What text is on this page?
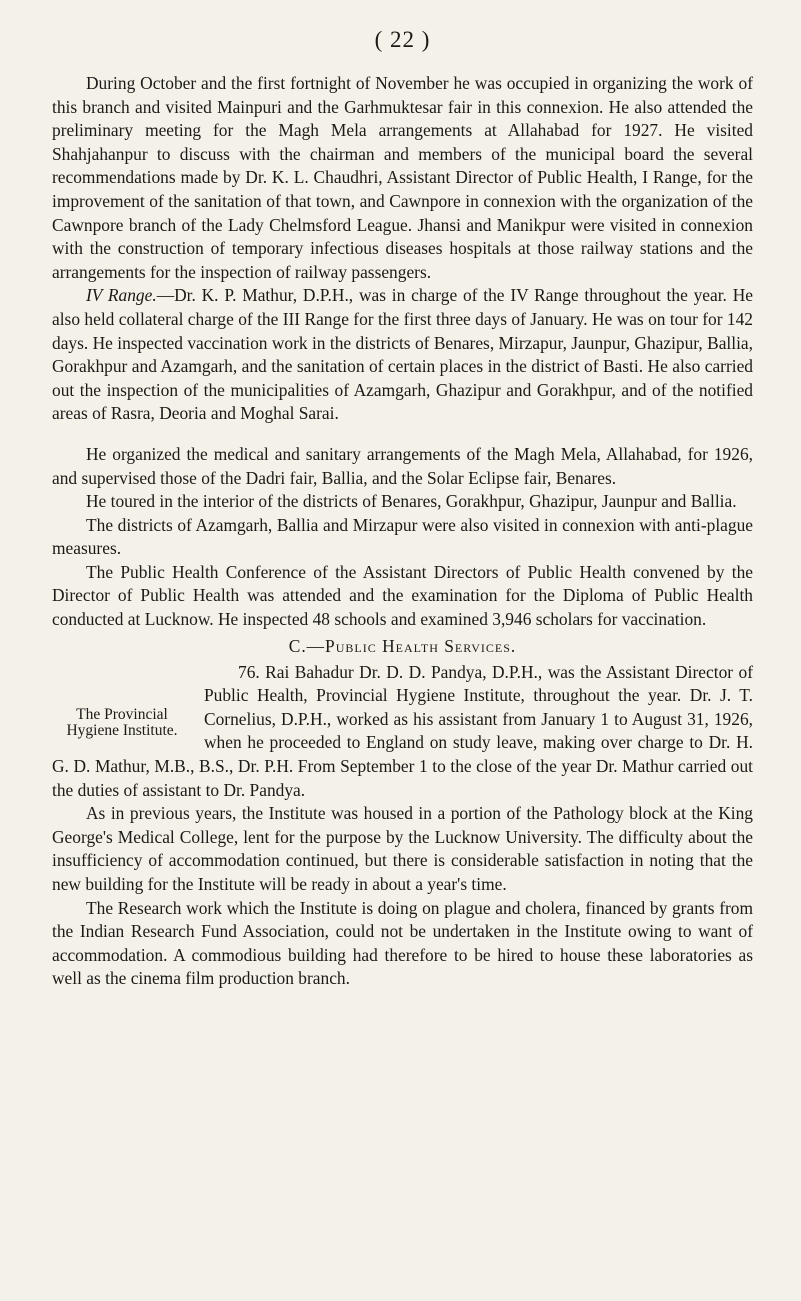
( 22 )

During October and the first fortnight of November he was occupied in organizing the work of this branch and visited Mainpuri and the Garhmuktesar fair in this connexion. He also attended the preliminary meeting for the Magh Mela arrangements at Allahabad for 1927. He visited Shahjahanpur to discuss with the chairman and members of the municipal board the several recommendations made by Dr. K. L. Chaudhri, Assistant Director of Public Health, I Range, for the improvement of the sanitation of that town, and Cawnpore in connexion with the organization of the Cawnpore branch of the Lady Chelmsford League. Jhansi and Manikpur were visited in connexion with the construction of temporary infectious diseases hospitals at those railway stations and the arrangements for the inspection of railway passengers.

IV Range.—Dr. K. P. Mathur, D.P.H., was in charge of the IV Range throughout the year. He also held collateral charge of the III Range for the first three days of January. He was on tour for 142 days. He inspected vaccination work in the districts of Benares, Mirzapur, Jaunpur, Ghazipur, Ballia, Gorakhpur and Azamgarh, and the sanitation of certain places in the district of Basti. He also carried out the inspection of the municipalities of Azamgarh, Ghazipur and Gorakhpur, and of the notified areas of Rasra, Deoria and Moghal Sarai.

He organized the medical and sanitary arrangements of the Magh Mela, Allahabad, for 1926, and supervised those of the Dadri fair, Ballia, and the Solar Eclipse fair, Benares.

He toured in the interior of the districts of Benares, Gorakhpur, Ghazipur, Jaunpur and Ballia.

The districts of Azamgarh, Ballia and Mirzapur were also visited in connexion with anti-plague measures.

The Public Health Conference of the Assistant Directors of Public Health convened by the Director of Public Health was attended and the examination for the Diploma of Public Health conducted at Lucknow. He inspected 48 schools and examined 3,946 scholars for vaccination.

C.—Public Health Services.
The Provincial Hygiene Institute.

76. Rai Bahadur Dr. D. D. Pandya, D.P.H., was the Assistant Director of Public Health, Provincial Hygiene Institute, throughout the year. Dr. J. T. Cornelius, D.P.H., worked as his assistant from January 1 to August 31, 1926, when he proceeded to England on study leave, making over charge to Dr. H. G. D. Mathur, M.B., B.S., Dr. P.H. From September 1 to the close of the year Dr. Mathur carried out the duties of assistant to Dr. Pandya.

As in previous years, the Institute was housed in a portion of the Pathology block at the King George's Medical College, lent for the purpose by the Lucknow University. The difficulty about the insufficiency of accommodation continued, but there is considerable satisfaction in noting that the new building for the Institute will be ready in about a year's time.

The Research work which the Institute is doing on plague and cholera, financed by grants from the Indian Research Fund Association, could not be undertaken in the Institute owing to want of accommodation. A commodious building had therefore to be hired to house these laboratories as well as the cinema film production branch.
